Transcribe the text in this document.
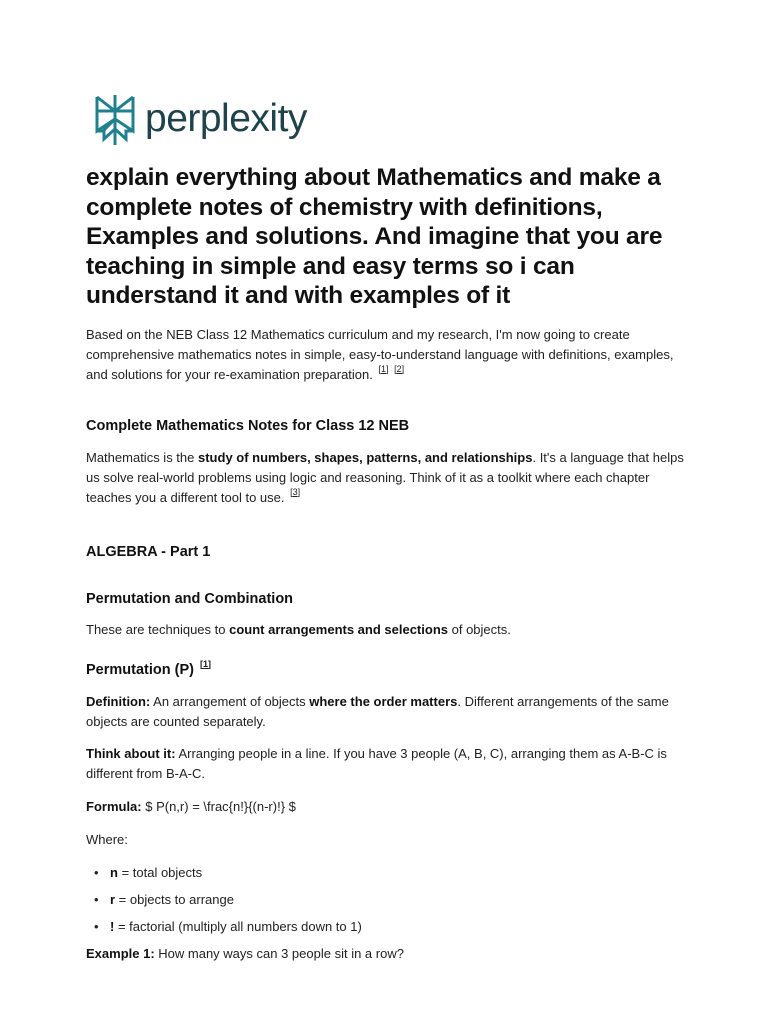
perplexity
explain everything about Mathematics and make a complete notes of chemistry with definitions, Examples and solutions. And imagine that you are teaching in simple and easy terms so i can understand it and with examples of it

Based on the NEB Class 12 Mathematics curriculum and my research, I'm now going to create comprehensive mathematics notes in simple, easy-to-understand language with definitions, examples, and solutions for your re-examination preparation. [1] [2]

Complete Mathematics Notes for Class 12 NEB

Mathematics is the study of numbers, shapes, patterns, and relationships. It's a language that helps us solve real-world problems using logic and reasoning. Think of it as a toolkit where each chapter teaches you a different tool to use. [3]

ALGEBRA - Part 1
Permutation and Combination

These are techniques to count arrangements and selections of objects.

Permutation (P) [1]

Definition: An arrangement of objects where the order matters. Different arrangements of the same objects are counted separately.

Think about it: Arranging people in a line. If you have 3 people (A, B, C), arranging them as A-B-C is different from B-A-C.

Formula: $ P(n,r) = \frac{n!}{(n-r)!} $

Where:

• n = total objects
• r = objects to arrange
• ! = factorial (multiply all numbers down to 1)

Example 1: How many ways can 3 people sit in a row?
